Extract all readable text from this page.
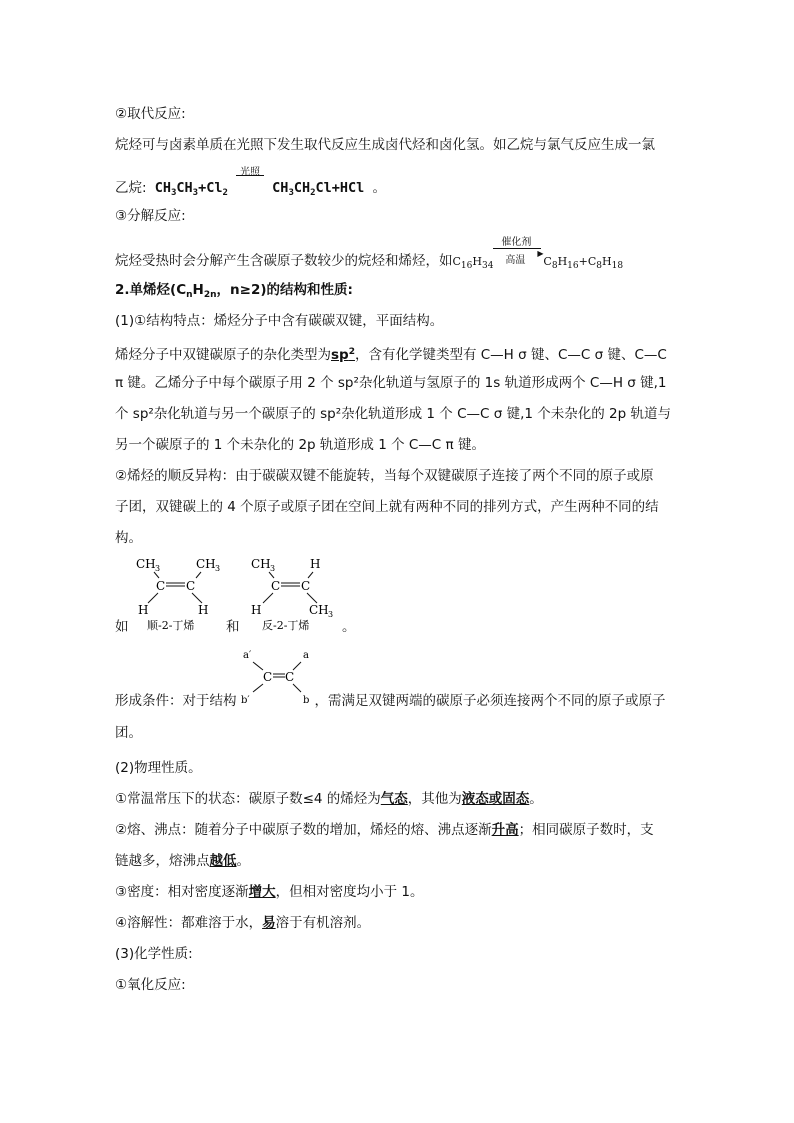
②取代反应:
烷烃可与卤素单质在光照下发生取代反应生成卤代烃和卤化氢。如乙烷与氯气反应生成一氯
乙烷: $CH_3CH_3+Cl_2$
光照
$CH_3CH_2Cl+HCl$ 。
③分解反应:
烷烃受热时会分解产生含碳原子数较少的烷烃和烯烃，如$C_{16}H_{34}$
催化剂
▶
高温 $C_8H_{16}+C_8H_{18}$
2.单烯烃($C_nH_{2n}$，n≥2)的结构和性质:
(1)①结构特点：烯烃分子中含有碳碳双键，平面结构。
烯烃分子中双键碳原子的杂化类型为$sp^2$，含有化学键类型有 C—H σ 键、C—C σ 键、C—C
π 键。乙烯分子中每个碳原子用 2 个 sp²杂化轨道与氢原子的 1s 轨道形成两个 C—H σ 键,1
个 sp²杂化轨道与另一个碳原子的 sp²杂化轨道形成 1 个 C—C σ 键,1 个未杂化的 2p 轨道与
另一个碳原子的 1 个未杂化的 2p 轨道形成 1 个 C—C π 键。
②烯烃的顺反异构：由于碳碳双键不能旋转，当每个双键碳原子连接了两个不同的原子或原
子团，双键碳上的 4 个原子或原子团在空间上就有两种不同的排列方式，产生两种不同的结
构。
如
CH 3	CH 3
C C
H	H
顺-2-丁烯 和
CH 3	H
C C
H	CH 3
反-2-丁烯 。
形成条件：对于结构	，需满足双键两端的碳原子必须连接两个不同的原子或原子
a′	a
C C
b′	b
团。
(2)物理性质。
①常温常压下的状态：碳原子数≤4 的烯烃为气态，其他为液态或固态。
②熔、沸点：随着分子中碳原子数的增加，烯烃的熔、沸点逐渐升高；相同碳原子数时，支
链越多，熔沸点越低。
③密度：相对密度逐渐增大，但相对密度均小于 1。
④溶解性：都难溶于水，易溶于有机溶剂。
(3)化学性质:
①氧化反应:
